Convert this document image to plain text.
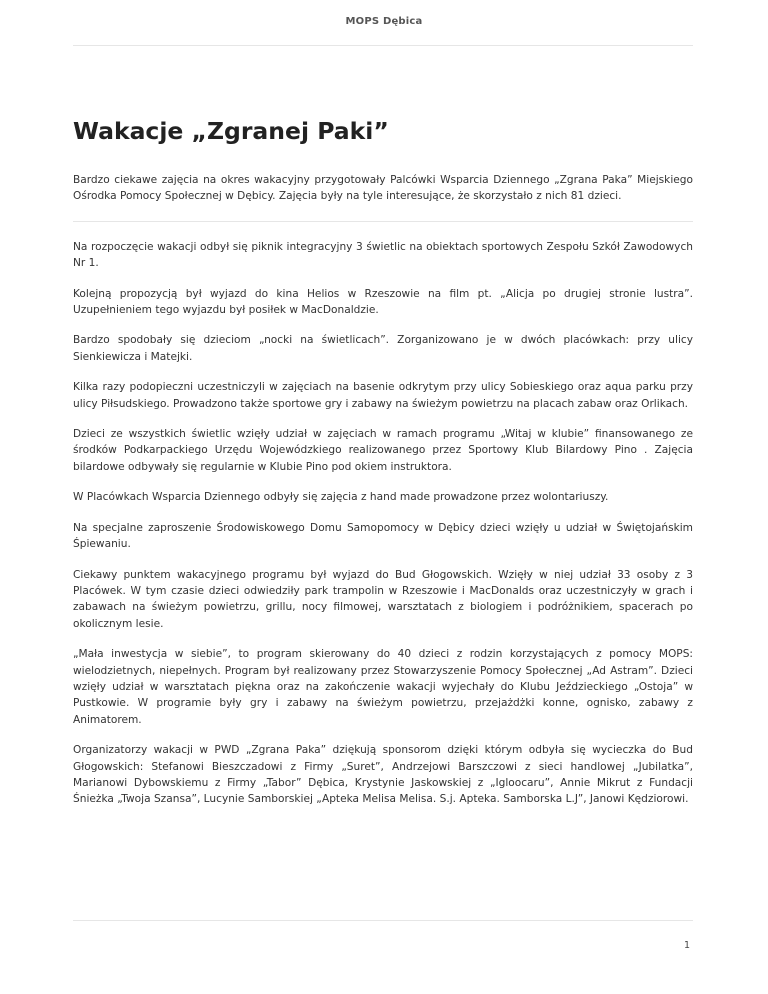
MOPS Dębica
Wakacje „Zgranej Paki”

Bardzo ciekawe zajęcia na okres wakacyjny przygotowały Palcówki Wsparcia Dziennego „Zgrana Paka” Miejskiego Ośrodka Pomocy Społecznej w Dębicy. Zajęcia były na tyle interesujące, że skorzystało z nich 81 dzieci.

Na rozpoczęcie wakacji odbył się piknik integracyjny 3 świetlic na obiektach sportowych Zespołu Szkół Zawodowych Nr 1.

Kolejną propozycją był wyjazd do kina Helios w Rzeszowie na film pt. „Alicja po drugiej stronie lustra”. Uzupełnieniem tego wyjazdu był posiłek w MacDonaldzie.

Bardzo spodobały się dzieciom „nocki na świetlicach”. Zorganizowano je w dwóch placówkach: przy ulicy Sienkiewicza i Matejki.

Kilka razy podopieczni uczestniczyli w zajęciach na basenie odkrytym przy ulicy Sobieskiego oraz aqua parku przy ulicy Piłsudskiego. Prowadzono także sportowe gry i zabawy na świeżym powietrzu na placach zabaw oraz Orlikach.

Dzieci ze wszystkich świetlic wzięły udział w zajęciach w ramach programu „Witaj w klubie” finansowanego ze środków Podkarpackiego Urzędu Wojewódzkiego realizowanego przez Sportowy Klub Bilardowy Pino . Zajęcia bilardowe odbywały się regularnie w Klubie Pino pod okiem instruktora.

W Placówkach Wsparcia Dziennego odbyły się zajęcia z hand made prowadzone przez wolontariuszy.

Na specjalne zaproszenie Środowiskowego Domu Samopomocy w Dębicy dzieci wzięły u udział w Świętojańskim Śpiewaniu.

Ciekawy punktem wakacyjnego programu był wyjazd do Bud Głogowskich. Wzięły w niej udział 33 osoby z 3 Placówek. W tym czasie dzieci odwiedziły park trampolin w Rzeszowie i MacDonalds oraz uczestniczyły w grach i zabawach na świeżym powietrzu, grillu, nocy filmowej, warsztatach z biologiem i podróżnikiem, spacerach po okolicznym lesie.

„Mała inwestycja w siebie”, to program skierowany do 40 dzieci z rodzin korzystających z pomocy MOPS: wielodzietnych, niepełnych. Program był realizowany przez Stowarzyszenie Pomocy Społecznej „Ad Astram”. Dzieci wzięły udział w warsztatach piękna oraz na zakończenie wakacji wyjechały do Klubu Jeździeckiego „Ostoja” w Pustkowie. W programie były gry i zabawy na świeżym powietrzu, przejażdżki konne, ognisko, zabawy z Animatorem.

Organizatorzy wakacji w PWD „Zgrana Paka” dziękują sponsorom dzięki którym odbyła się wycieczka do Bud Głogowskich: Stefanowi Bieszczadowi z Firmy „Suret”, Andrzejowi Barszczowi z sieci handlowej „Jubilatka”, Marianowi Dybowskiemu z Firmy „Tabor” Dębica, Krystynie Jaskowskiej z „Igloocaru”, Annie Mikrut z Fundacji Śnieżka „Twoja Szansa”, Lucynie Samborskiej „Apteka Melisa Melisa. S.j. Apteka. Samborska L.J”, Janowi Kędziorowi.

1
